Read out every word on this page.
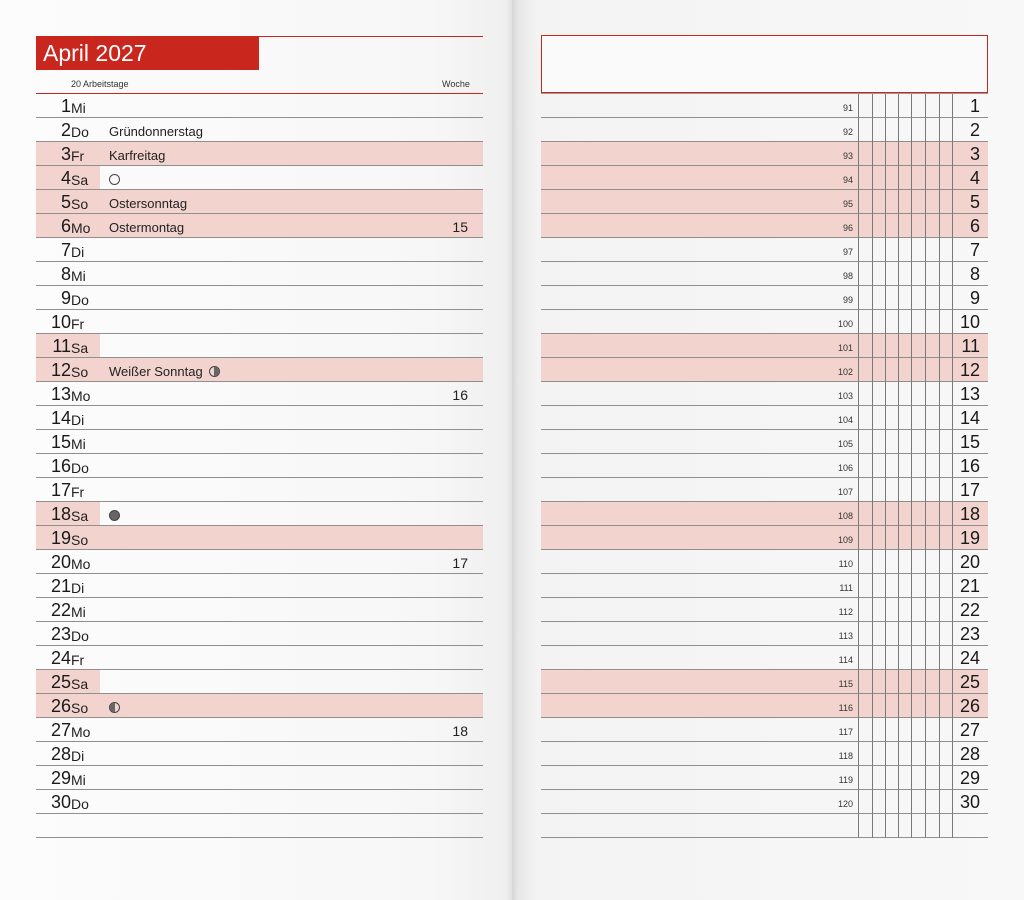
April 2027
20 Arbeitstage	Woche
1 Mi
2 Do Gründonnerstag
3 Fr Karfreitag
4 Sa
5 So Ostersonntag
6 Mo Ostermontag	15
7 Di
8 Mi
9 Do
10 Fr
11 Sa
12 So Weißer Sonntag
13 Mo	16
14 Di
15 Mi
16 Do
17 Fr
18 Sa
19 So
20 Mo	17
21 Di
22 Mi
23 Do
24 Fr
25 Sa
26 So
27 Mo	18
28 Di
29 Mi
30 Do
91	1
92	2
93	3
94	4
95	5
96	6
97	7
98	8
99	9
100	10
101	11
102	12
103	13
104	14
105	15
106	16
107	17
108	18
109	19
110	20
111	21
112	22
113	23
114	24
115	25
116	26
117	27
118	28
119	29
120	30
